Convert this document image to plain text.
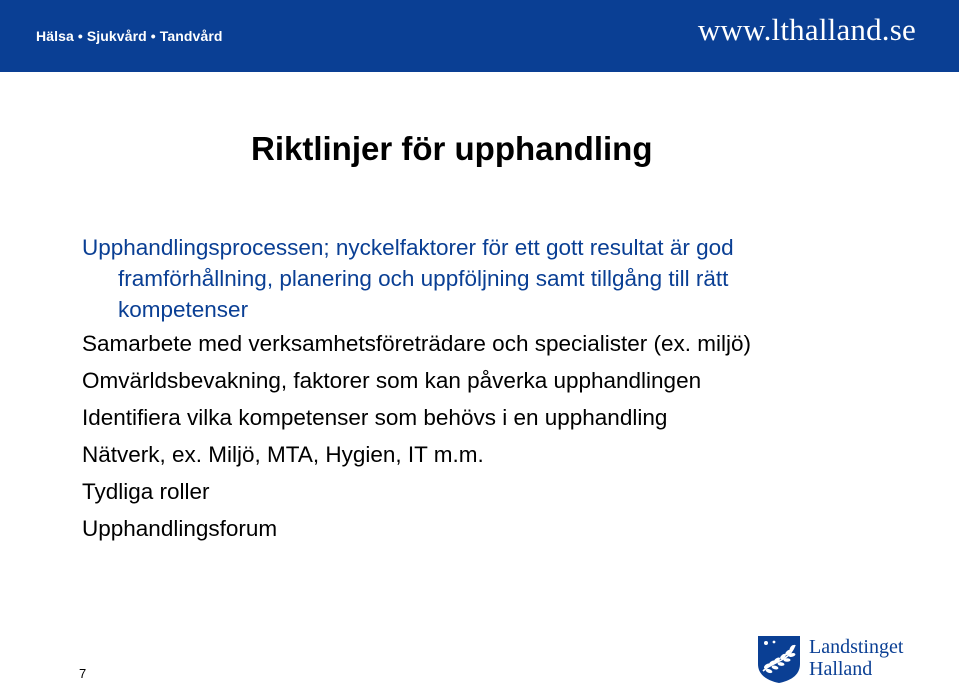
Hälsa • Sjukvård • Tandvård	www.lthalland.se
Riktlinjer för upphandling
Upphandlingsprocessen; nyckelfaktorer för ett gott resultat är god
framförhållning, planering och uppföljning samt tillgång till rätt
kompetenser
Samarbete med verksamhetsföreträdare och specialister (ex. miljö)
Omvärldsbevakning, faktorer som kan påverka upphandlingen
Identifiera vilka kompetenser som behövs i en upphandling
Nätverk, ex. Miljö, MTA, Hygien, IT m.m.
Tydliga roller
Upphandlingsforum
7
Landstinget
Halland
